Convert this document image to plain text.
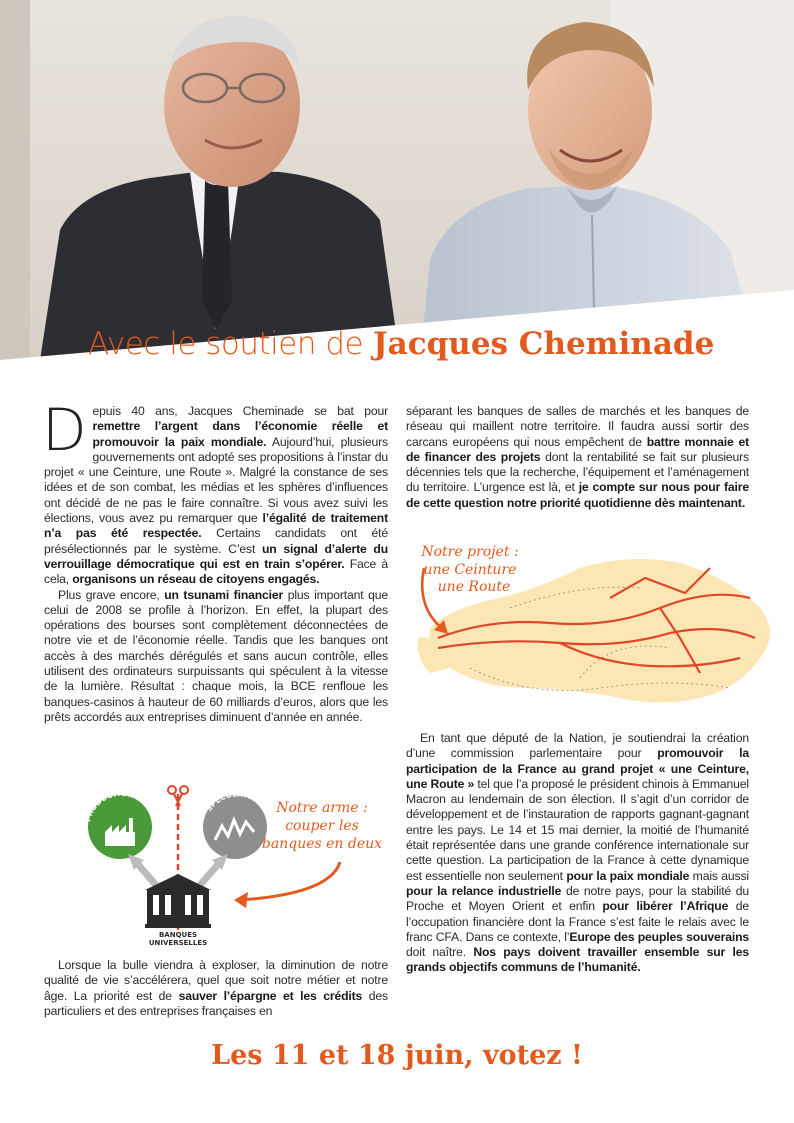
Avec le soutien de Jacques Cheminade

Depuis 40 ans, Jacques Cheminade se bat pour remettre l’argent dans l’économie réelle et promouvoir la paix mondiale. Aujourd’hui, plusieurs gouvernements ont adopté ses propositions à l’instar du projet « une Ceinture, une Route ». Malgré la constance de ses idées et de son combat, les médias et les sphères d’influences ont décidé de ne pas le faire connaître. Si vous avez suivi les élections, vous avez pu remarquer que l’égalité de traitement n’a pas été respectée. Certains candidats ont été présélectionnés par le système. C’est un signal d’alerte du verrouillage démocratique qui est en train s’opérer. Face à cela, organisons un réseau de citoyens engagés.

Plus grave encore, un tsunami financier plus important que celui de 2008 se profile à l’horizon. En effet, la plupart des opérations des bourses sont complètement déconnectées de notre vie et de l’économie réelle. Tandis que les banques ont accès à des marchés dérégulés et sans aucun contrôle, elles utilisent des ordinateurs surpuissants qui spéculent à la vitesse de la lumière. Résultat : chaque mois, la BCE renfloue les banques-casinos à hauteur de 60 milliards d’euros, alors que les prêts accordés aux entreprises diminuent d’année en année.

PRODUCTION & M	SPÉCULATION
BANQUES
UNIVERSELLES
Notre arme :
couper les
banques en deux

Lorsque la bulle viendra à exploser, la diminution de notre qualité de vie s’accélérera, quel que soit notre métier et notre âge. La priorité est de sauver l’épargne et les crédits des particuliers et des entreprises françaises en

séparant les banques de salles de marchés et les banques de réseau qui maillent notre territoire. Il faudra aussi sortir des carcans européens qui nous empêchent de battre monnaie et de financer des projets dont la rentabilité se fait sur plusieurs décennies tels que la recherche, l’équipement et l’aménagement du territoire. L’urgence est là, et je compte sur nous pour faire de cette question notre priorité quotidienne dès maintenant.

Notre projet :
une Ceinture
une Route

En tant que député de la Nation, je soutiendrai la création d’une commission parlementaire pour promouvoir la participation de la France au grand projet « une Ceinture, une Route » tel que l’a proposé le président chinois à Emmanuel Macron au lendemain de son élection. Il s’agit d’un corridor de développement et de l’instauration de rapports gagnant-gagnant entre les pays. Le 14 et 15 mai dernier, la moitié de l’humanité était représentée dans une grande conférence internationale sur cette question. La participation de la France à cette dynamique est essentielle non seulement pour la paix mondiale mais aussi pour la relance industrielle de notre pays, pour la stabilité du Proche et Moyen Orient et enfin pour libérer l’Afrique de l’occupation financière dont la France s’est faite le relais avec le franc CFA. Dans ce contexte, l’Europe des peuples souverains doit naître. Nos pays doivent travailler ensemble sur les grands objectifs communs de l’humanité.

Les 11 et 18 juin, votez !
